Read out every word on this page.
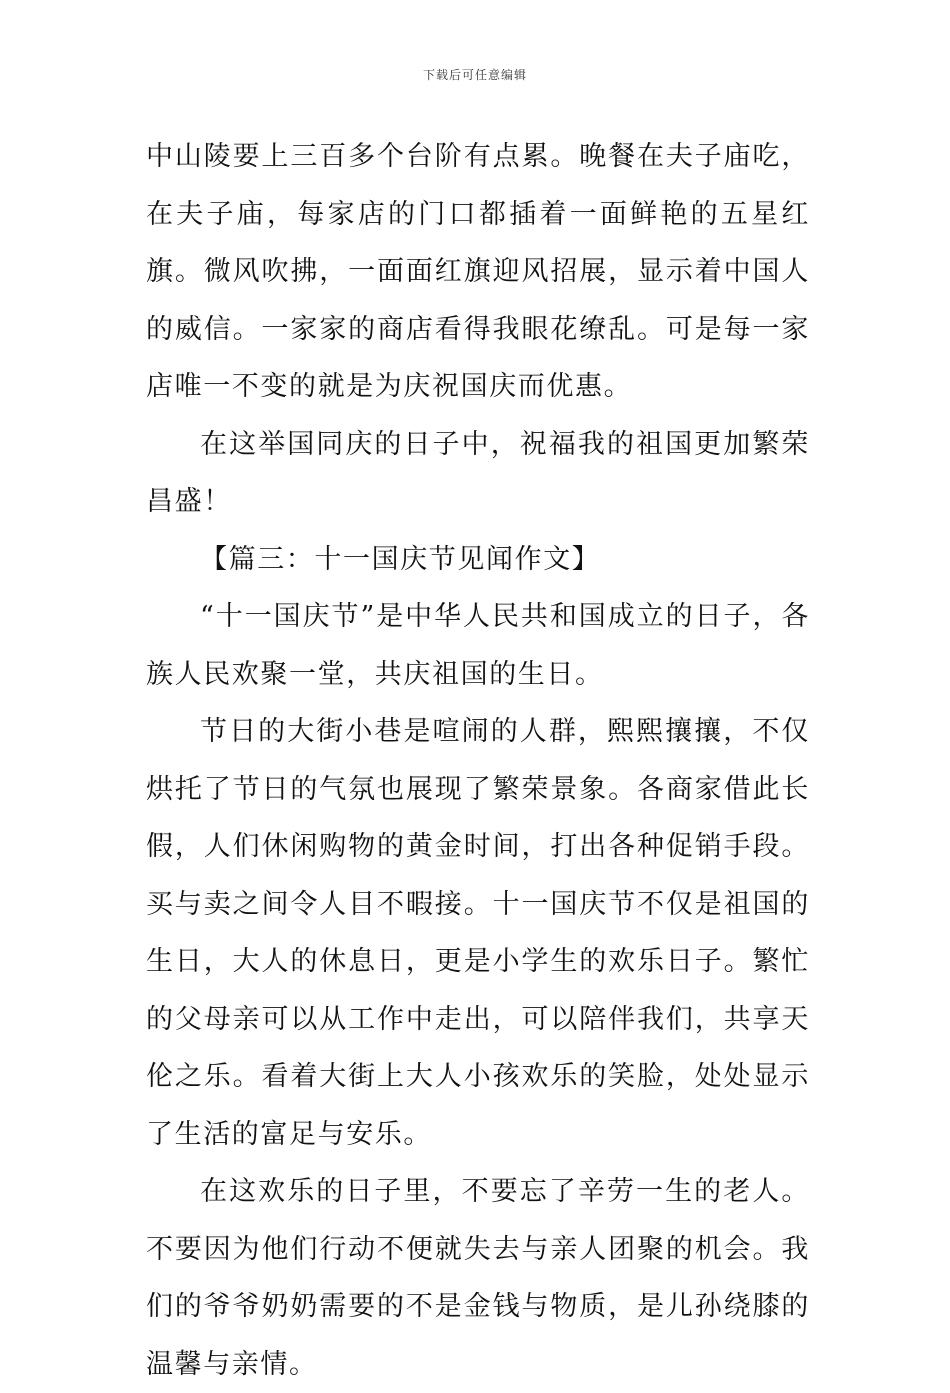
下载后可任意编辑

中山陵要上三百多个台阶有点累。晚餐在夫子庙吃，在夫子庙，每家店的门口都插着一面鲜艳的五星红旗。微风吹拂，一面面红旗迎风招展，显示着中国人的威信。一家家的商店看得我眼花缭乱。可是每一家店唯一不变的就是为庆祝国庆而优惠。

在这举国同庆的日子中，祝福我的祖国更加繁荣昌盛！

【篇三：十一国庆节见闻作文】

“十一国庆节”是中华人民共和国成立的日子，各族人民欢聚一堂，共庆祖国的生日。

节日的大街小巷是喧闹的人群，熙熙攘攘，不仅烘托了节日的气氛也展现了繁荣景象。各商家借此长假，人们休闲购物的黄金时间，打出各种促销手段。买与卖之间令人目不暇接。十一国庆节不仅是祖国的生日，大人的休息日，更是小学生的欢乐日子。繁忙的父母亲可以从工作中走出，可以陪伴我们，共享天伦之乐。看着大街上大人小孩欢乐的笑脸，处处显示了生活的富足与安乐。

在这欢乐的日子里，不要忘了辛劳一生的老人。不要因为他们行动不便就失去与亲人团聚的机会。我们的爷爷奶奶需要的不是金钱与物质，是儿孙绕膝的温馨与亲情。
